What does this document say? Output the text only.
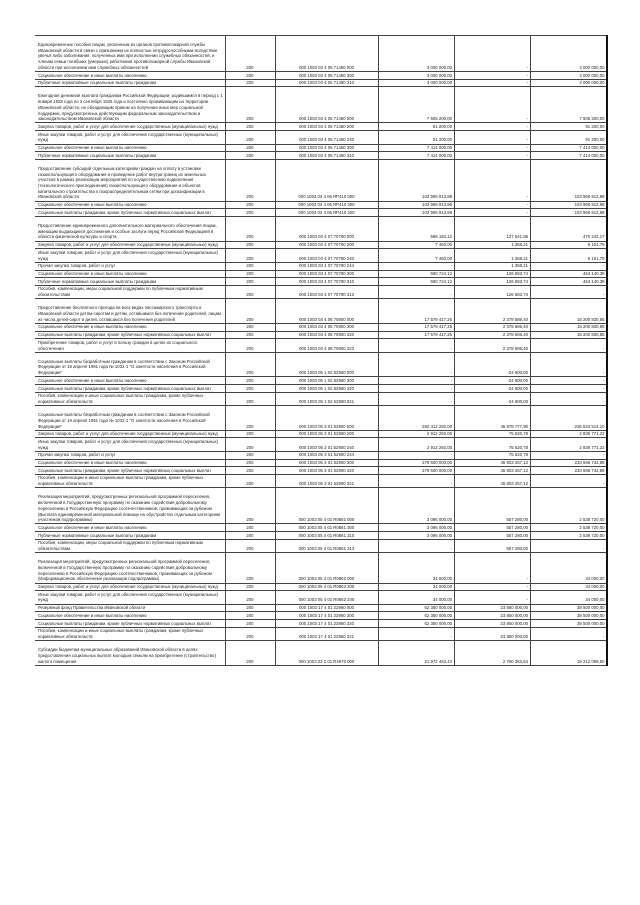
Единовременные пособия лицам, уволенным из органов противопожарной службы Ивановской области в связи с признанием их полностью нетрудоспособными вследствие увечья либо заболевания, полученных ими при исполнении служебных обязанностей, и членам семьи погибших (умерших) работников противопожарной службы Ивановской области при исполнении ими служебных обязанностей	200	000 1003 03 4 06 71450 000	3 000 000,00	-	3 000 000,00
Социальное обеспечение и иные выплаты населению	200	000 1003 03 4 06 71450 300	3 000 000,00	-	3 000 000,00
Публичные нормативные социальные выплаты гражданам	200	000 1003 03 4 06 71450 310	3 000 000,00	-	3 000 000,00
Ежегодная денежная выплата гражданам Российской Федерации, родившимся в период с 1 января 1928 года по 3 сентября 1945 года и постоянно проживающим на территории Ивановской области, не обладающим правом на получение иных мер социальной поддержки, предусмотренных действующим федеральным законодательством и законодательством Ивановской области	200	000 1003 03 4 06 71460 000	7 505 200,00	-	7 505 200,00
Закупка товаров, работ и услуг для обеспечения государственных (муниципальных) нужд	200	000 1003 03 4 06 71460 200	91 200,00	-	91 200,00
Иные закупки товаров, работ и услуг для обеспечения государственных (муниципальных) нужд	200	000 1003 03 4 06 71460 240	91 200,00	-	91 200,00
Социальное обеспечение и иные выплаты населению	200	000 1003 03 4 06 71460 300	7 414 000,00	-	7 414 000,00
Публичные нормативные социальные выплаты гражданам	200	000 1003 03 4 06 71460 310	7 414 000,00	-	7 414 000,00
Предоставление субсидий отдельным категориям граждан на оплату в установке газоиспользующего оборудования и проведение работ внутри границ их земельных участков в рамках реализации мероприятий по осуществлению подключения (технологического присоединения) газоиспользующего оборудования и объектов капитального строительства к газораспределительным сетям при догазификации в Ивановской области	200	000 1003 03 4 06 RP410 000	103 965 913,98	-	103 965 913,98
Социальное обеспечение и иные выплаты населению	200	000 1003 03 4 06 RP410 300	103 965 913,98	-	103 965 913,98
Социальные выплаты гражданам, кроме публичных нормативных социальных выплат	200	000 1003 03 4 06 RP410 320	103 965 913,98	-	103 965 913,98
Предоставление единовременного дополнительного материального обеспечения лицам, имеющим выдающиеся достижения и особые заслуги перед Российской Федерацией в области физической культуры и спорта	200	000 1003 03 4 07 70790 000	598 184,12	127 941,95	470 242,17
Закупка товаров, работ и услуг для обеспечения государственных (муниципальных) нужд	200	000 1003 03 4 07 70790 200	7 460,00	1 358,21	6 101,79
Иные закупки товаров, работ и услуг для обеспечения государственных (муниципальных) нужд	200	000 1003 03 4 07 70790 240	7 460,00	1 358,21	6 101,79
Прочая закупка товаров, работ и услуг	200	000 1003 03 4 07 70790 244	-	1 358,21	-
Социальное обеспечение и иные выплаты населению	200	000 1003 03 4 07 70790 300	590 724,12	126 583,74	464 140,38
Публичные нормативные социальные выплаты гражданам	200	000 1003 03 4 07 70790 310	590 724,12	126 583,74	464 140,38
Пособия, компенсации, меры социальной поддержки по публичным нормативным обязательствам	200	000 1003 03 4 07 70790 313	-	126 583,74	-
Предоставление бесплатного проезда на всех видах пассажирского транспорта в Ивановской области детям-сиротам и детям, оставшимся без попечения родителей, лицам из числа детей-сирот и детей, оставшихся без попечения родителей	200	000 1003 03 4 08 70900 000	17 579 417,25	2 378 586,40	15 200 830,85
Социальное обеспечение и иные выплаты населению	200	000 1003 03 4 08 70900 300	17 579 417,25	2 378 586,40	15 200 830,85
Социальные выплаты гражданам, кроме публичных нормативных социальных выплат	200	000 1003 03 4 08 70900 320	17 579 417,25	2 378 586,40	15 200 830,85
Приобретение товаров, работ и услуг в пользу граждан в целях их социального обеспечения	200	000 1003 03 4 08 70900 323	-	2 378 586,40	-
Социальные выплаты безработным гражданам в соответствии с Законом Российской Федерации от 19 апреля 1991 года № 1032-1 "О занятости населения в Российской Федерации"	200	000 1003 05 1 02 52900 000	-	-24 600,00	-
Социальное обеспечение и иные выплаты населению	200	000 1003 05 1 02 52900 300	-	-24 600,00	-
Социальные выплаты гражданам, кроме публичных нормативных социальных выплат	200	000 1003 05 1 02 52900 320	-	-24 600,00	-
Пособия, компенсации и иные социальные выплаты гражданам, кроме публичных нормативных обязательств	200	000 1003 05 1 02 52900 321	-	-24 600,00	-
Социальные выплаты безработным гражданам в соответствии с Законом Российской Федерации от 19 апреля 1991 года № 1032-1 "О занятости населения в Российской Федерации"	200	000 1003 05 3 01 52900 000	282 412 292,00	45 878 777,90	236 533 514,10
Закупка товаров, работ и услуг для обеспечения государственных (муниципальных) нужд	200	000 1003 05 3 01 52900 200	2 912 292,00	75 520,78	2 836 771,22
Иные закупки товаров, работ и услуг для обеспечения государственных (муниципальных) нужд	200	000 1003 05 3 01 52900 240	2 912 292,00	75 520,78	2 836 771,22
Прочая закупка товаров, работ и услуг	200	000 1003 05 3 01 52900 244	-	75 520,78	-
Социальное обеспечение и иные выплаты населению	200	000 1003 05 3 01 52900 300	279 500 000,00	45 803 257,12	233 696 742,88
Социальные выплаты гражданам, кроме публичных нормативных социальных выплат	200	000 1003 05 3 01 52900 320	279 500 000,00	45 803 257,12	233 696 742,88
Пособия, компенсации и иные социальные выплаты гражданам, кроме публичных нормативных обязательств	200	000 1003 05 3 01 52900 321	-	45 803 257,12	-
Реализация мероприятий, предусмотренных региональной программой переселения, включенной в Государственную программу по оказанию содействия добровольному переселению в Российскую Федерацию соотечественников, проживающих за рубежом (Выплата единовременной материальной помощи на обустройство отдельным категориям участников подпрограммы)	200	000 1003 05 4 01 R0861 000	3 096 000,00	557 280,00	2 538 720,00
Социальное обеспечение и иные выплаты населению	200	000 1003 05 4 01 R0861 300	3 096 000,00	557 280,00	2 538 720,00
Публичные нормативные социальные выплаты гражданам	200	000 1003 05 4 01 R0861 310	3 096 000,00	557 280,00	2 538 720,00
Пособия, компенсации, меры социальной поддержки по публичным нормативным обязательствам	200	000 1003 05 4 01 R0861 313	-	557 280,00	-
Реализация мероприятий, предусмотренных региональной программой переселения, включенной в Государственную программу по оказанию содействия добровольному переселению в Российскую Федерацию соотечественников, проживающих за рубежом (Информационное обеспечение реализации подпрограммы)	200	000 1003 05 4 01 R0862 000	34 000,00	-	34 000,00
Закупка товаров, работ и услуг для обеспечения государственных (муниципальных) нужд	200	000 1003 05 4 01 R0862 200	34 000,00	-	34 000,00
Иные закупки товаров, работ и услуг для обеспечения государственных (муниципальных) нужд	200	000 1003 05 4 01 R0862 240	34 000,00	-	34 000,00
Резервный фонд Правительства Ивановской области	200	000 1003 17 4 01 22960 000	62 350 000,00	23 850 000,00	38 500 000,00
Социальное обеспечение и иные выплаты населению	200	000 1003 17 4 01 22960 300	62 350 000,00	23 850 000,00	38 500 000,00
Социальные выплаты гражданам, кроме публичных нормативных социальных выплат	200	000 1003 17 4 01 22960 320	62 350 000,00	23 850 000,00	38 500 000,00
Пособия, компенсации и иные социальные выплаты гражданам, кроме публичных нормативных обязательств	200	000 1003 17 4 01 22960 321	-	23 850 000,00	-
Субсидии бюджетам муниципальных образований Ивановской области в целях предоставления социальных выплат молодым семьям на приобретение (строительство) жилого помещения	200	000 1003 23 2 01 R4970 000	21 972 463,44	2 760 363,64	19 212 099,80
